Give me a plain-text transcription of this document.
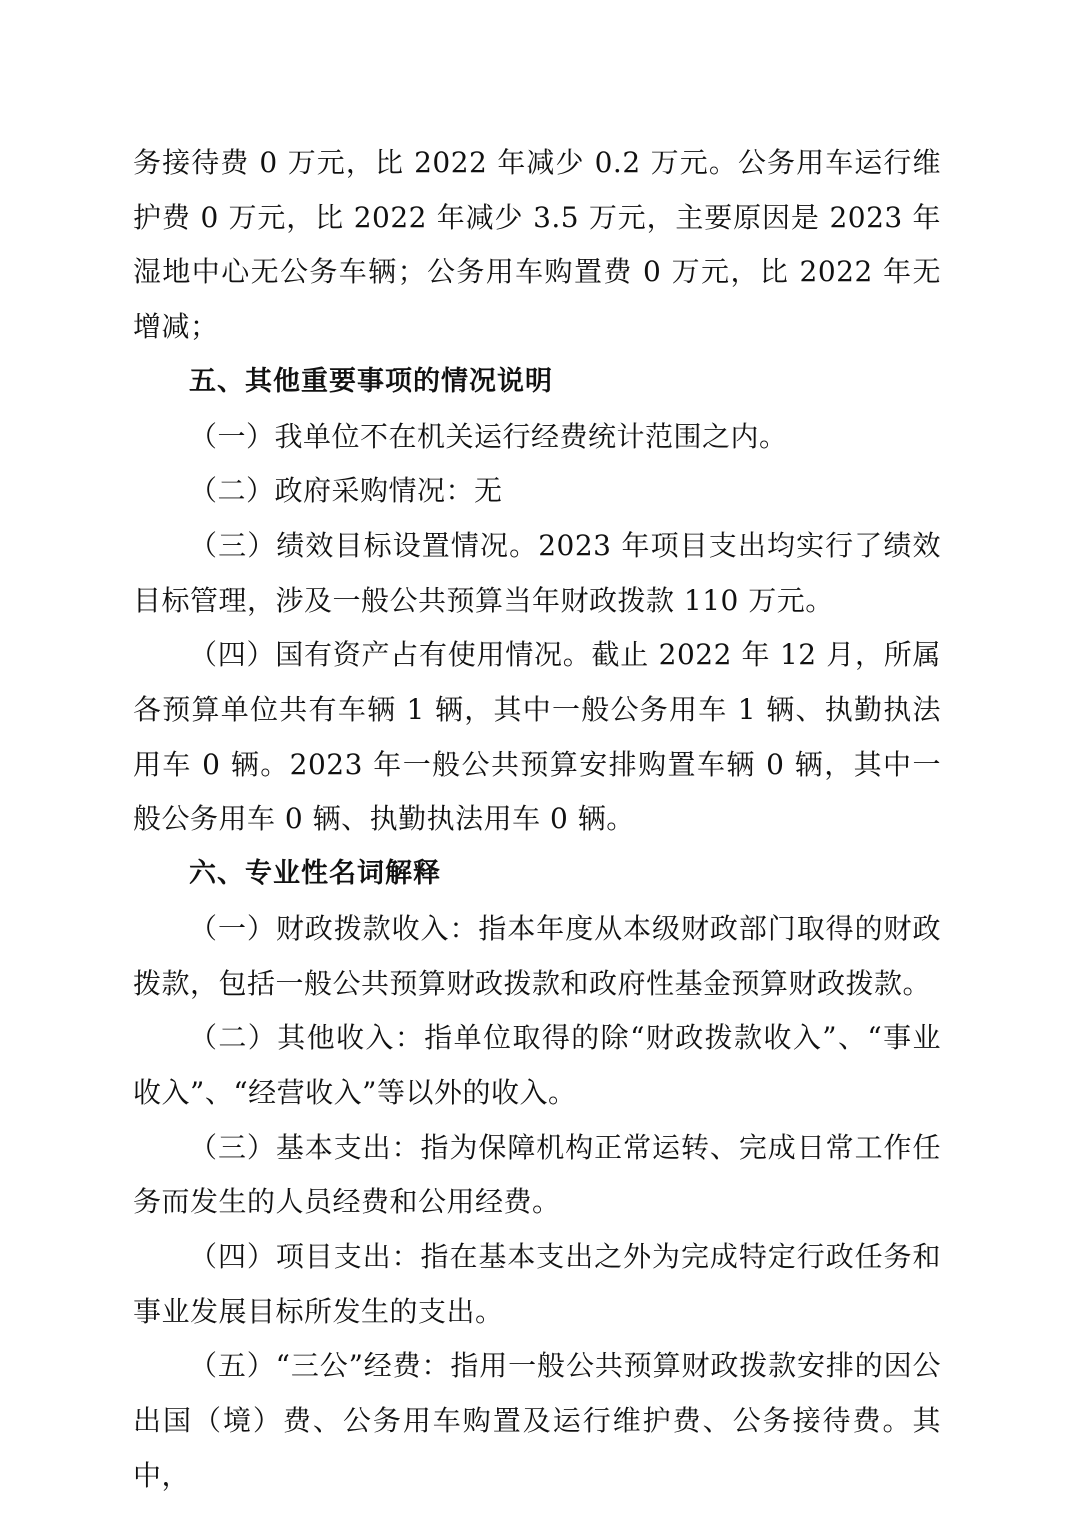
务接待费 0 万元，比 2022 年减少 0.2 万元。公务用车运行维护费 0 万元，比 2022 年减少 3.5 万元，主要原因是 2023 年湿地中心无公务车辆；公务用车购置费 0 万元，比 2022 年无增减；

五、其他重要事项的情况说明

（一）我单位不在机关运行经费统计范围之内。

（二）政府采购情况：无

（三）绩效目标设置情况。2023 年项目支出均实行了绩效目标管理，涉及一般公共预算当年财政拨款 110 万元。

（四）国有资产占有使用情况。截止 2022 年 12 月，所属各预算单位共有车辆 1 辆，其中一般公务用车 1 辆、执勤执法用车 0 辆。2023 年一般公共预算安排购置车辆 0 辆，其中一般公务用车 0 辆、执勤执法用车 0 辆。

六、专业性名词解释

（一）财政拨款收入：指本年度从本级财政部门取得的财政拨款，包括一般公共预算财政拨款和政府性基金预算财政拨款。

（二）其他收入：指单位取得的除“财政拨款收入”、“事业收入”、“经营收入”等以外的收入。

（三）基本支出：指为保障机构正常运转、完成日常工作任务而发生的人员经费和公用经费。

（四）项目支出：指在基本支出之外为完成特定行政任务和事业发展目标所发生的支出。

（五）“三公”经费：指用一般公共预算财政拨款安排的因公出国（境）费、公务用车购置及运行维护费、公务接待费。其中，
